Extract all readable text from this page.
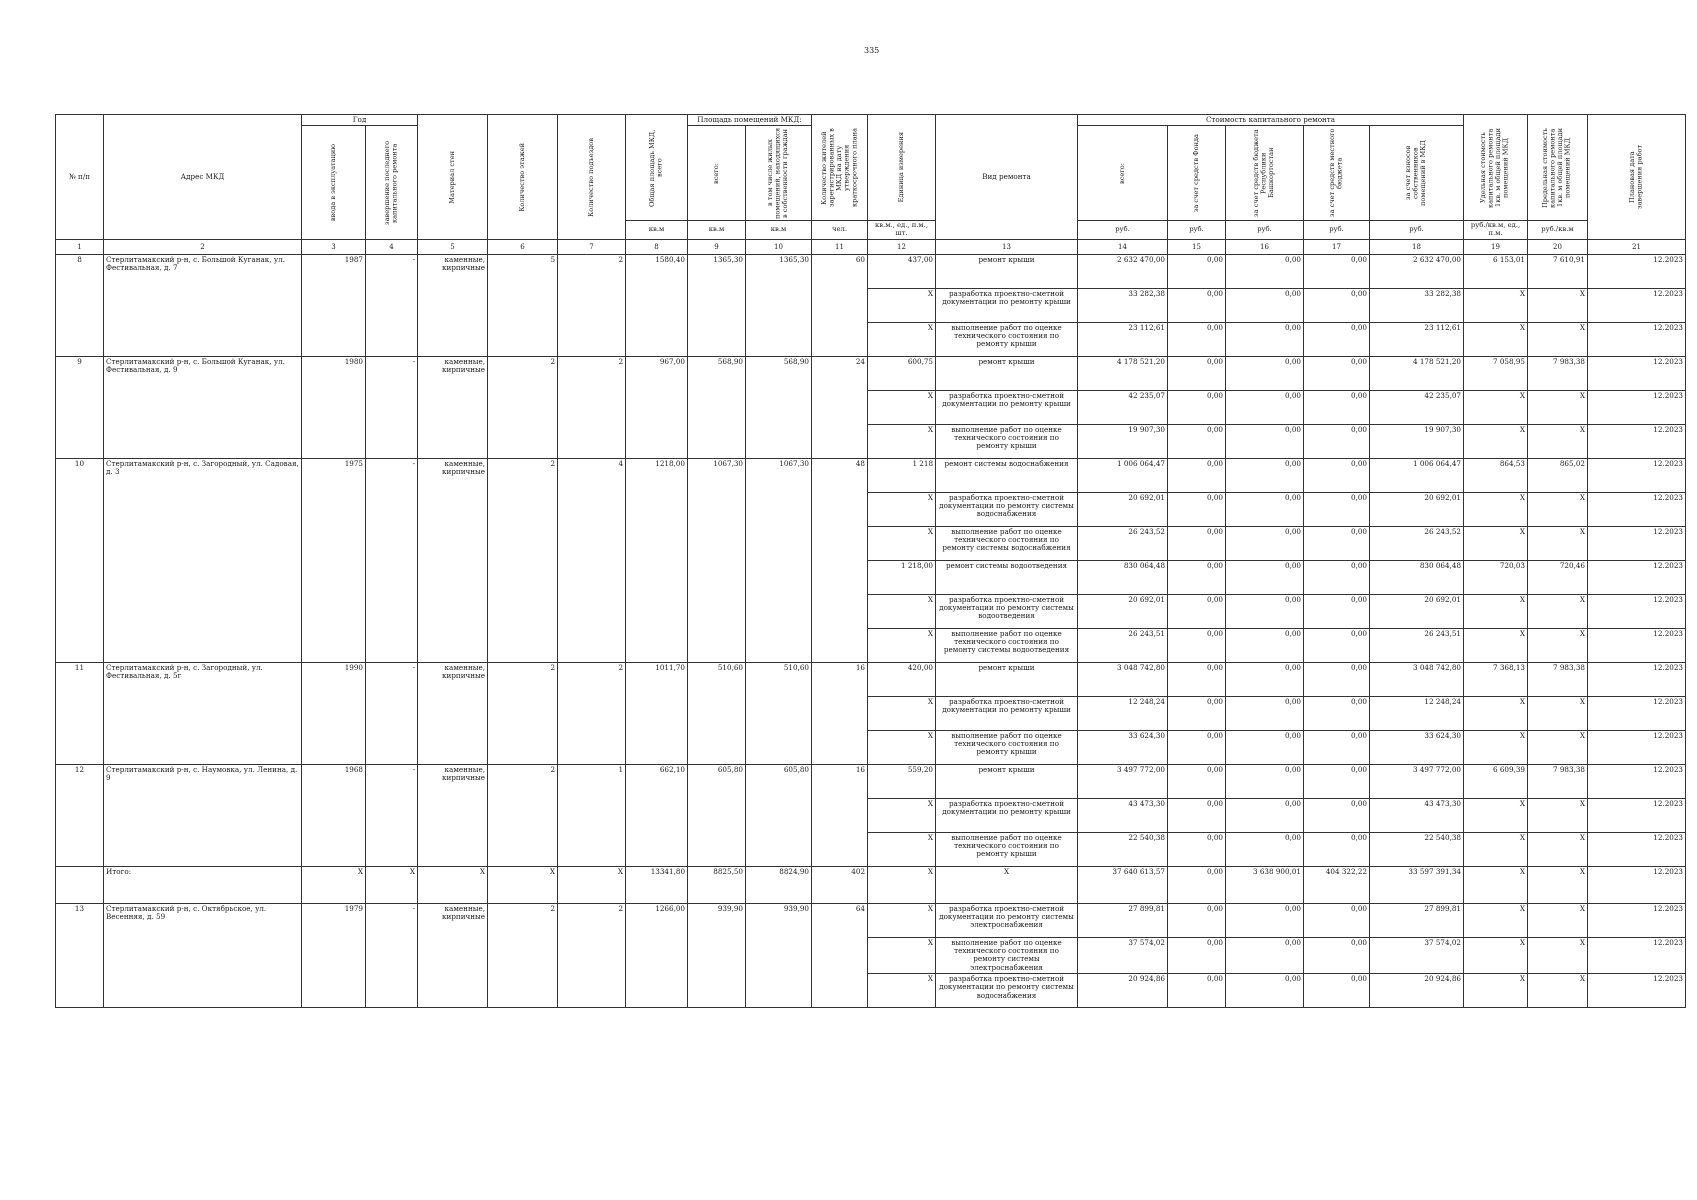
335
№ п/п	Адрес МКД	Год		Материал стен	Количество этажей	Количество подъездов	Общая площадь МКД, всего	Площадь помещений МКД:		Количество жителей зарегистрированных в МКД на дату утверждения краткосрочного плана	Единица измерения	Вид ремонта	Стоимость капитального ремонта					Удельная стоимость капитального ремонта 1кв. м общей площади помещений МКД	Предельная стоимость капитального ремонта 1кв. м общей площади помещений МКД	Плановая дата завершения работ

		ввода в эксплуатацию	завершение последнего капитального ремонта					всего:	в том числе жилых помещений, находящихся в собственности граждан				всего:	за счет средств Фонда	за счет средств бюджета Республики Башкортостан	за счет средств местного бюджета	за счет взносов собственников помещений в МКД			

							кв.м	кв.м	кв.м	чел.	кв.м., ед., п.м., шт.		руб.	руб.	руб.	руб.	руб.	руб./кв.м, ед., п.м.	руб./кв.м	
1	2	3	4	5	6	7	8	9	10	11	12	13	14	15	16	17	18	19	20	21
8	Стерлитамакский р-н, с. Большой Куганак, ул. Фестивальная, д. 7	1987	-	каменные, кирпичные	5	2	1580,40	1365,30	1365,30	60	437,00	ремонт крыши	2 632 470,00	0,00	0,00	0,00	2 632 470,00	6 153,01	7 610,91	12.2023
											X	разработка проектно-сметной документации по ремонту крыши	33 282,38	0,00	0,00	0,00	33 282,38	X	X	12.2023
											X	выполнение работ по оценке технического состояния по ремонту крыши	23 112,61	0,00	0,00	0,00	23 112,61	X	X	12.2023
9	Стерлитамакский р-н, с. Большой Куганак, ул. Фестивальная, д. 9	1980	-	каменные, кирпичные	2	2	967,00	568,90	568,90	24	600,75	ремонт крыши	4 178 521,20	0,00	0,00	0,00	4 178 521,20	7 058,95	7 983,38	12.2023
											X	разработка проектно-сметной документации по ремонту крыши	42 235,07	0,00	0,00	0,00	42 235,07	X	X	12.2023
											X	выполнение работ по оценке технического состояния по ремонту крыши	19 907,30	0,00	0,00	0,00	19 907,30	X	X	12.2023
10	Стерлитамакский р-н, с. Загородный, ул. Садовая, д. 3	1975	-	каменные, кирпичные	2	4	1218,00	1067,30	1067,30	48	1 218	ремонт системы водоснабжения	1 006 064,47	0,00	0,00	0,00	1 006 064,47	864,53	865,02	12.2023
											X	разработка проектно-сметной документации по ремонту системы водоснабжения	20 692,01	0,00	0,00	0,00	20 692,01	X	X	12.2023
											X	выполнение работ по оценке технического состояния по ремонту системы водоснабжения	26 243,52	0,00	0,00	0,00	26 243,52	X	X	12.2023
											1 218,00	ремонт системы водоотведения	830 064,48	0,00	0,00	0,00	830 064,48	720,03	720,46	12.2023
											X	разработка проектно-сметной документации по ремонту системы водоотведения	20 692,01	0,00	0,00	0,00	20 692,01	X	X	12.2023
											X	выполнение работ по оценке технического состояния по ремонту системы водоотведения	26 243,51	0,00	0,00	0,00	26 243,51	X	X	12.2023
11	Стерлитамакский р-н, с. Загородный, ул. Фестивальная, д. 5г	1990	-	каменные, кирпичные	2	2	1011,70	510,60	510,60	16	420,00	ремонт крыши	3 048 742,80	0,00	0,00	0,00	3 048 742,80	7 368,13	7 983,38	12.2023
											X	разработка проектно-сметной документации по ремонту крыши	12 248,24	0,00	0,00	0,00	12 248,24	X	X	12.2023
											X	выполнение работ по оценке технического состояния по ремонту крыши	33 624,30	0,00	0,00	0,00	33 624,30	X	X	12.2023
12	Стерлитамакский р-н, с. Наумовка, ул. Ленина, д. 9	1968	-	каменные, кирпичные	2	1	662,10	605,80	605,80	16	559,20	ремонт крыши	3 497 772,00	0,00	0,00	0,00	3 497 772,00	6 609,39	7 983,38	12.2023
											X	разработка проектно-сметной документации по ремонту крыши	43 473,30	0,00	0,00	0,00	43 473,30	X	X	12.2023
											X	выполнение работ по оценке технического состояния по ремонту крыши	22 540,38	0,00	0,00	0,00	22 540,38	X	X	12.2023
	Итого:	X	X	X	X	X	13341,80	8825,50	8824,90	402	X	X	37 640 613,57	0,00	3 638 900,01	404 322,22	33 597 391,34	X	X	12.2023
13	Стерлитамакский р-н, с. Октябрьское, ул. Весенняя, д. 59	1979	-	каменные, кирпичные	2	2	1266,00	939,90	939,90	64	X	разработка проектно-сметной документации по ремонту системы электроснабжения	27 899,81	0,00	0,00	0,00	27 899,81	X	X	12.2023
											X	выполнение работ по оценке технического состояния по ремонту системы электроснабжения	37 574,02	0,00	0,00	0,00	37 574,02	X	X	12.2023
											X	разработка проектно-сметной документации по ремонту системы водоснабжения	20 924,86	0,00	0,00	0,00	20 924,86	X	X	12.2023
